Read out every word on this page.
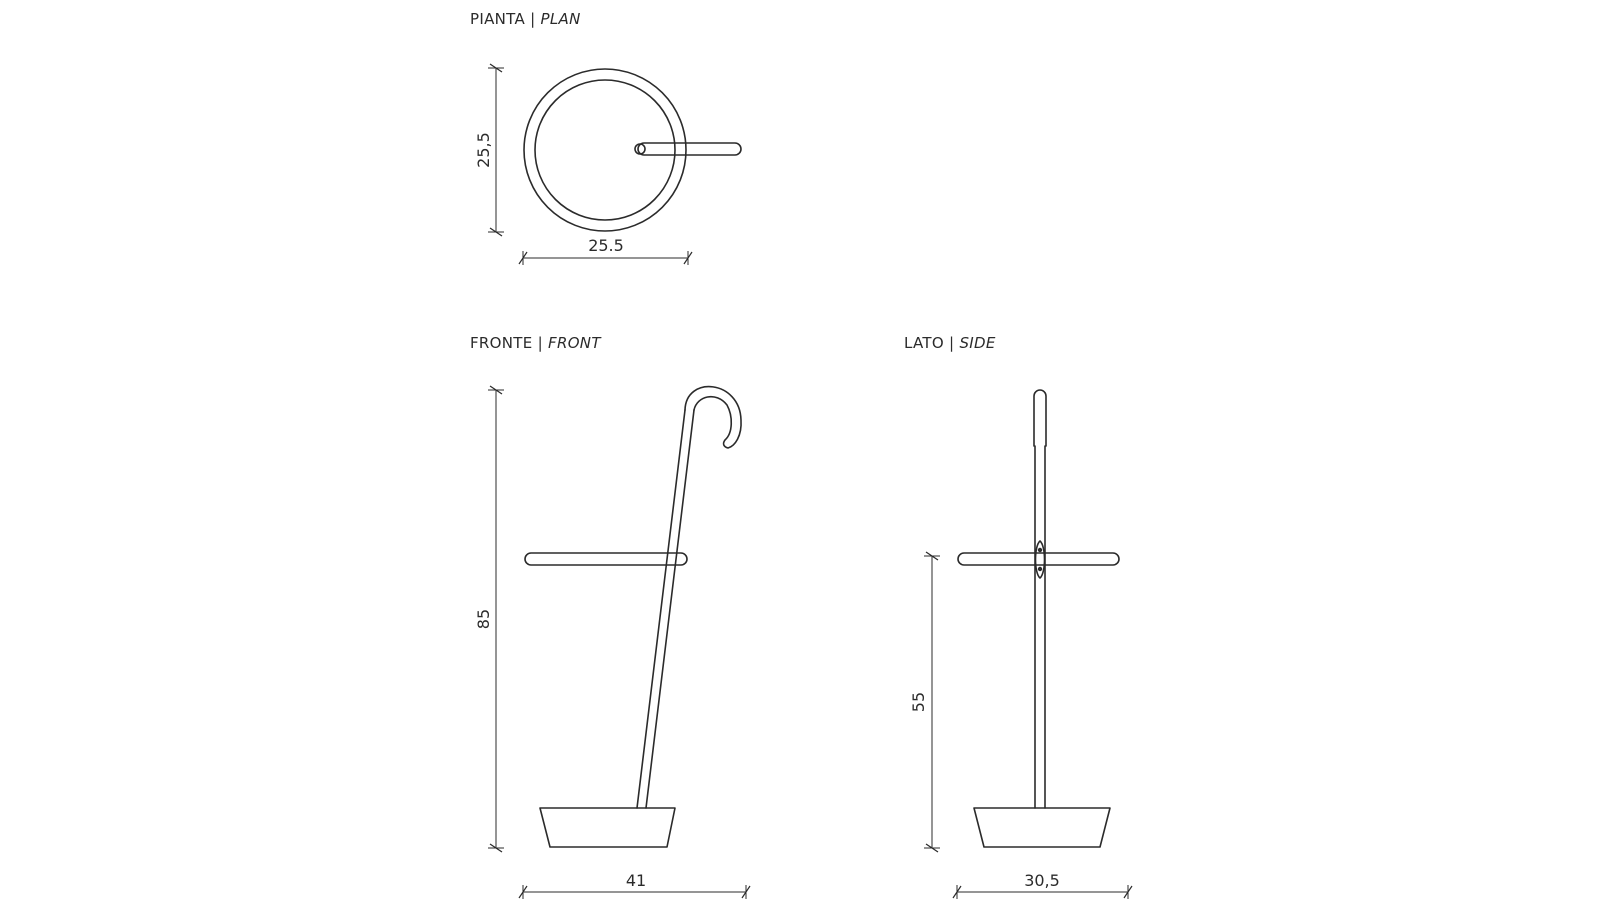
PIANTA | PLAN
FRONTE | FRONT	LATO | SIDE
25,5
25.5
85
41
55
30,5
